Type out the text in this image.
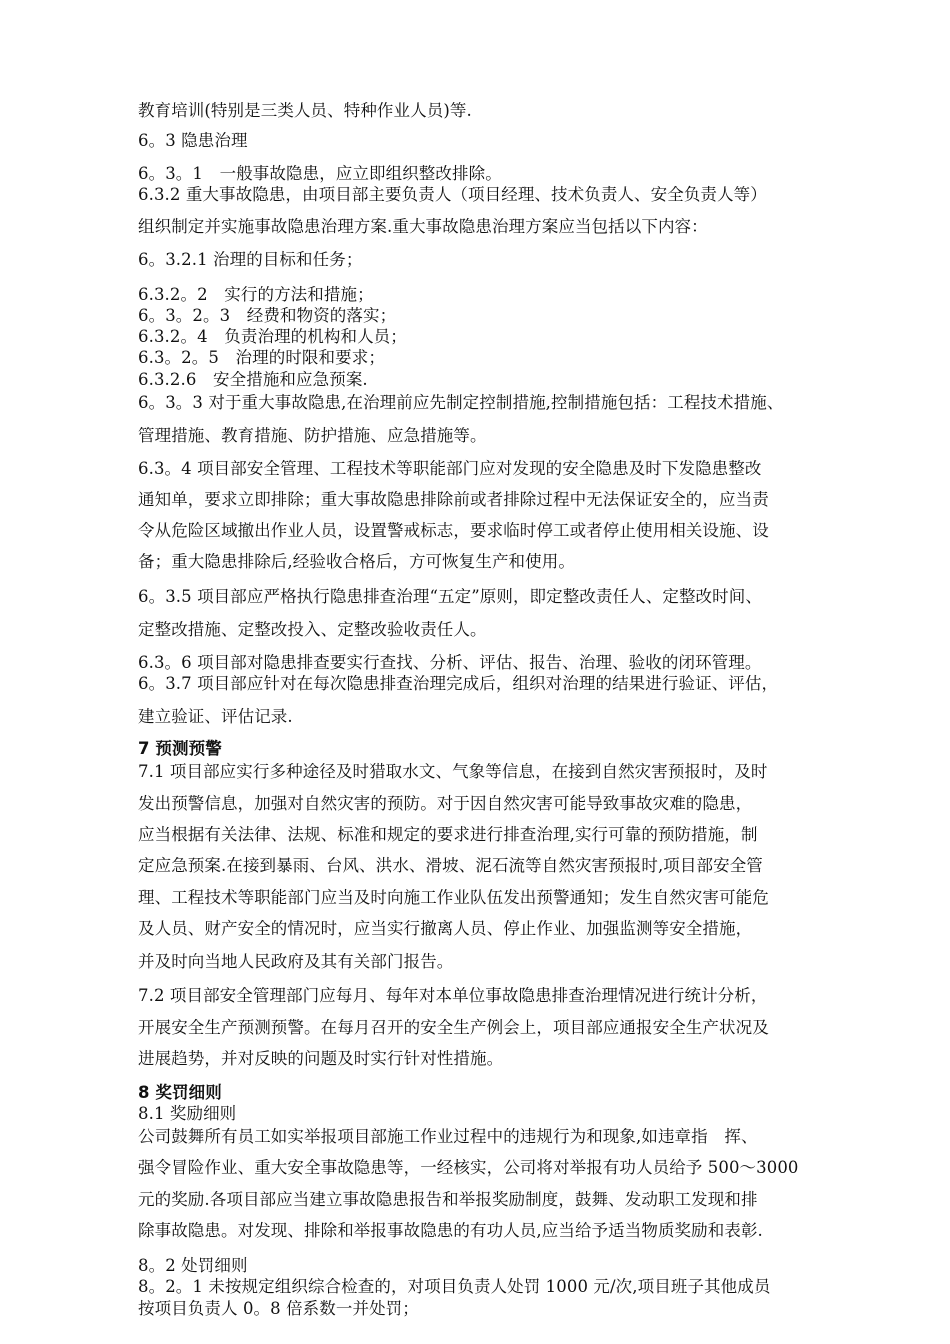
教育培训(特别是三类人员、特种作业人员)等.
6。3 隐患治理
6。3。1　一般事故隐患，应立即组织整改排除。
6.3.2 重大事故隐患，由项目部主要负责人（项目经理、技术负责人、安全负责人等）
组织制定并实施事故隐患治理方案.重大事故隐患治理方案应当包括以下内容：
6。3.2.1 治理的目标和任务；
6.3.2。2　实行的方法和措施；
6。3。2。3　经费和物资的落实；
6.3.2。4　负责治理的机构和人员；
6.3。2。5　治理的时限和要求；
6.3.2.6　安全措施和应急预案.
6。3。3 对于重大事故隐患,在治理前应先制定控制措施,控制措施包括：工程技术措施、
管理措施、教育措施、防护措施、应急措施等。
6.3。4 项目部安全管理、工程技术等职能部门应对发现的安全隐患及时下发隐患整改
通知单，要求立即排除；重大事故隐患排除前或者排除过程中无法保证安全的，应当责
令从危险区域撤出作业人员，设置警戒标志，要求临时停工或者停止使用相关设施、设
备；重大隐患排除后,经验收合格后，方可恢复生产和使用。
6。3.5 项目部应严格执行隐患排查治理“五定”原则，即定整改责任人、定整改时间、
定整改措施、定整改投入、定整改验收责任人。
6.3。6 项目部对隐患排查要实行查找、分析、评估、报告、治理、验收的闭环管理。
6。3.7 项目部应针对在每次隐患排查治理完成后，组织对治理的结果进行验证、评估，
建立验证、评估记录.
7 预测预警
7.1 项目部应实行多种途径及时猎取水文、气象等信息，在接到自然灾害预报时，及时
发出预警信息，加强对自然灾害的预防。对于因自然灾害可能导致事故灾难的隐患，
应当根据有关法律、法规、标准和规定的要求进行排查治理,实行可靠的预防措施，制
定应急预案.在接到暴雨、台风、洪水、滑坡、泥石流等自然灾害预报时,项目部安全管
理、工程技术等职能部门应当及时向施工作业队伍发出预警通知；发生自然灾害可能危
及人员、财产安全的情况时，应当实行撤离人员、停止作业、加强监测等安全措施，
并及时向当地人民政府及其有关部门报告。
7.2 项目部安全管理部门应每月、每年对本单位事故隐患排查治理情况进行统计分析，
开展安全生产预测预警。在每月召开的安全生产例会上，项目部应通报安全生产状况及
进展趋势，并对反映的问题及时实行针对性措施。
8 奖罚细则
8.1 奖励细则
公司鼓舞所有员工如实举报项目部施工作业过程中的违规行为和现象,如违章指　挥、
强令冒险作业、重大安全事故隐患等，一经核实，公司将对举报有功人员给予 500～3000
元的奖励.各项目部应当建立事故隐患报告和举报奖励制度，鼓舞、发动职工发现和排
除事故隐患。对发现、排除和举报事故隐患的有功人员,应当给予适当物质奖励和表彰.
8。2 处罚细则
8。2。1 未按规定组织综合检查的，对项目负责人处罚 1000 元/次,项目班子其他成员
按项目负责人 0。8 倍系数一并处罚；
